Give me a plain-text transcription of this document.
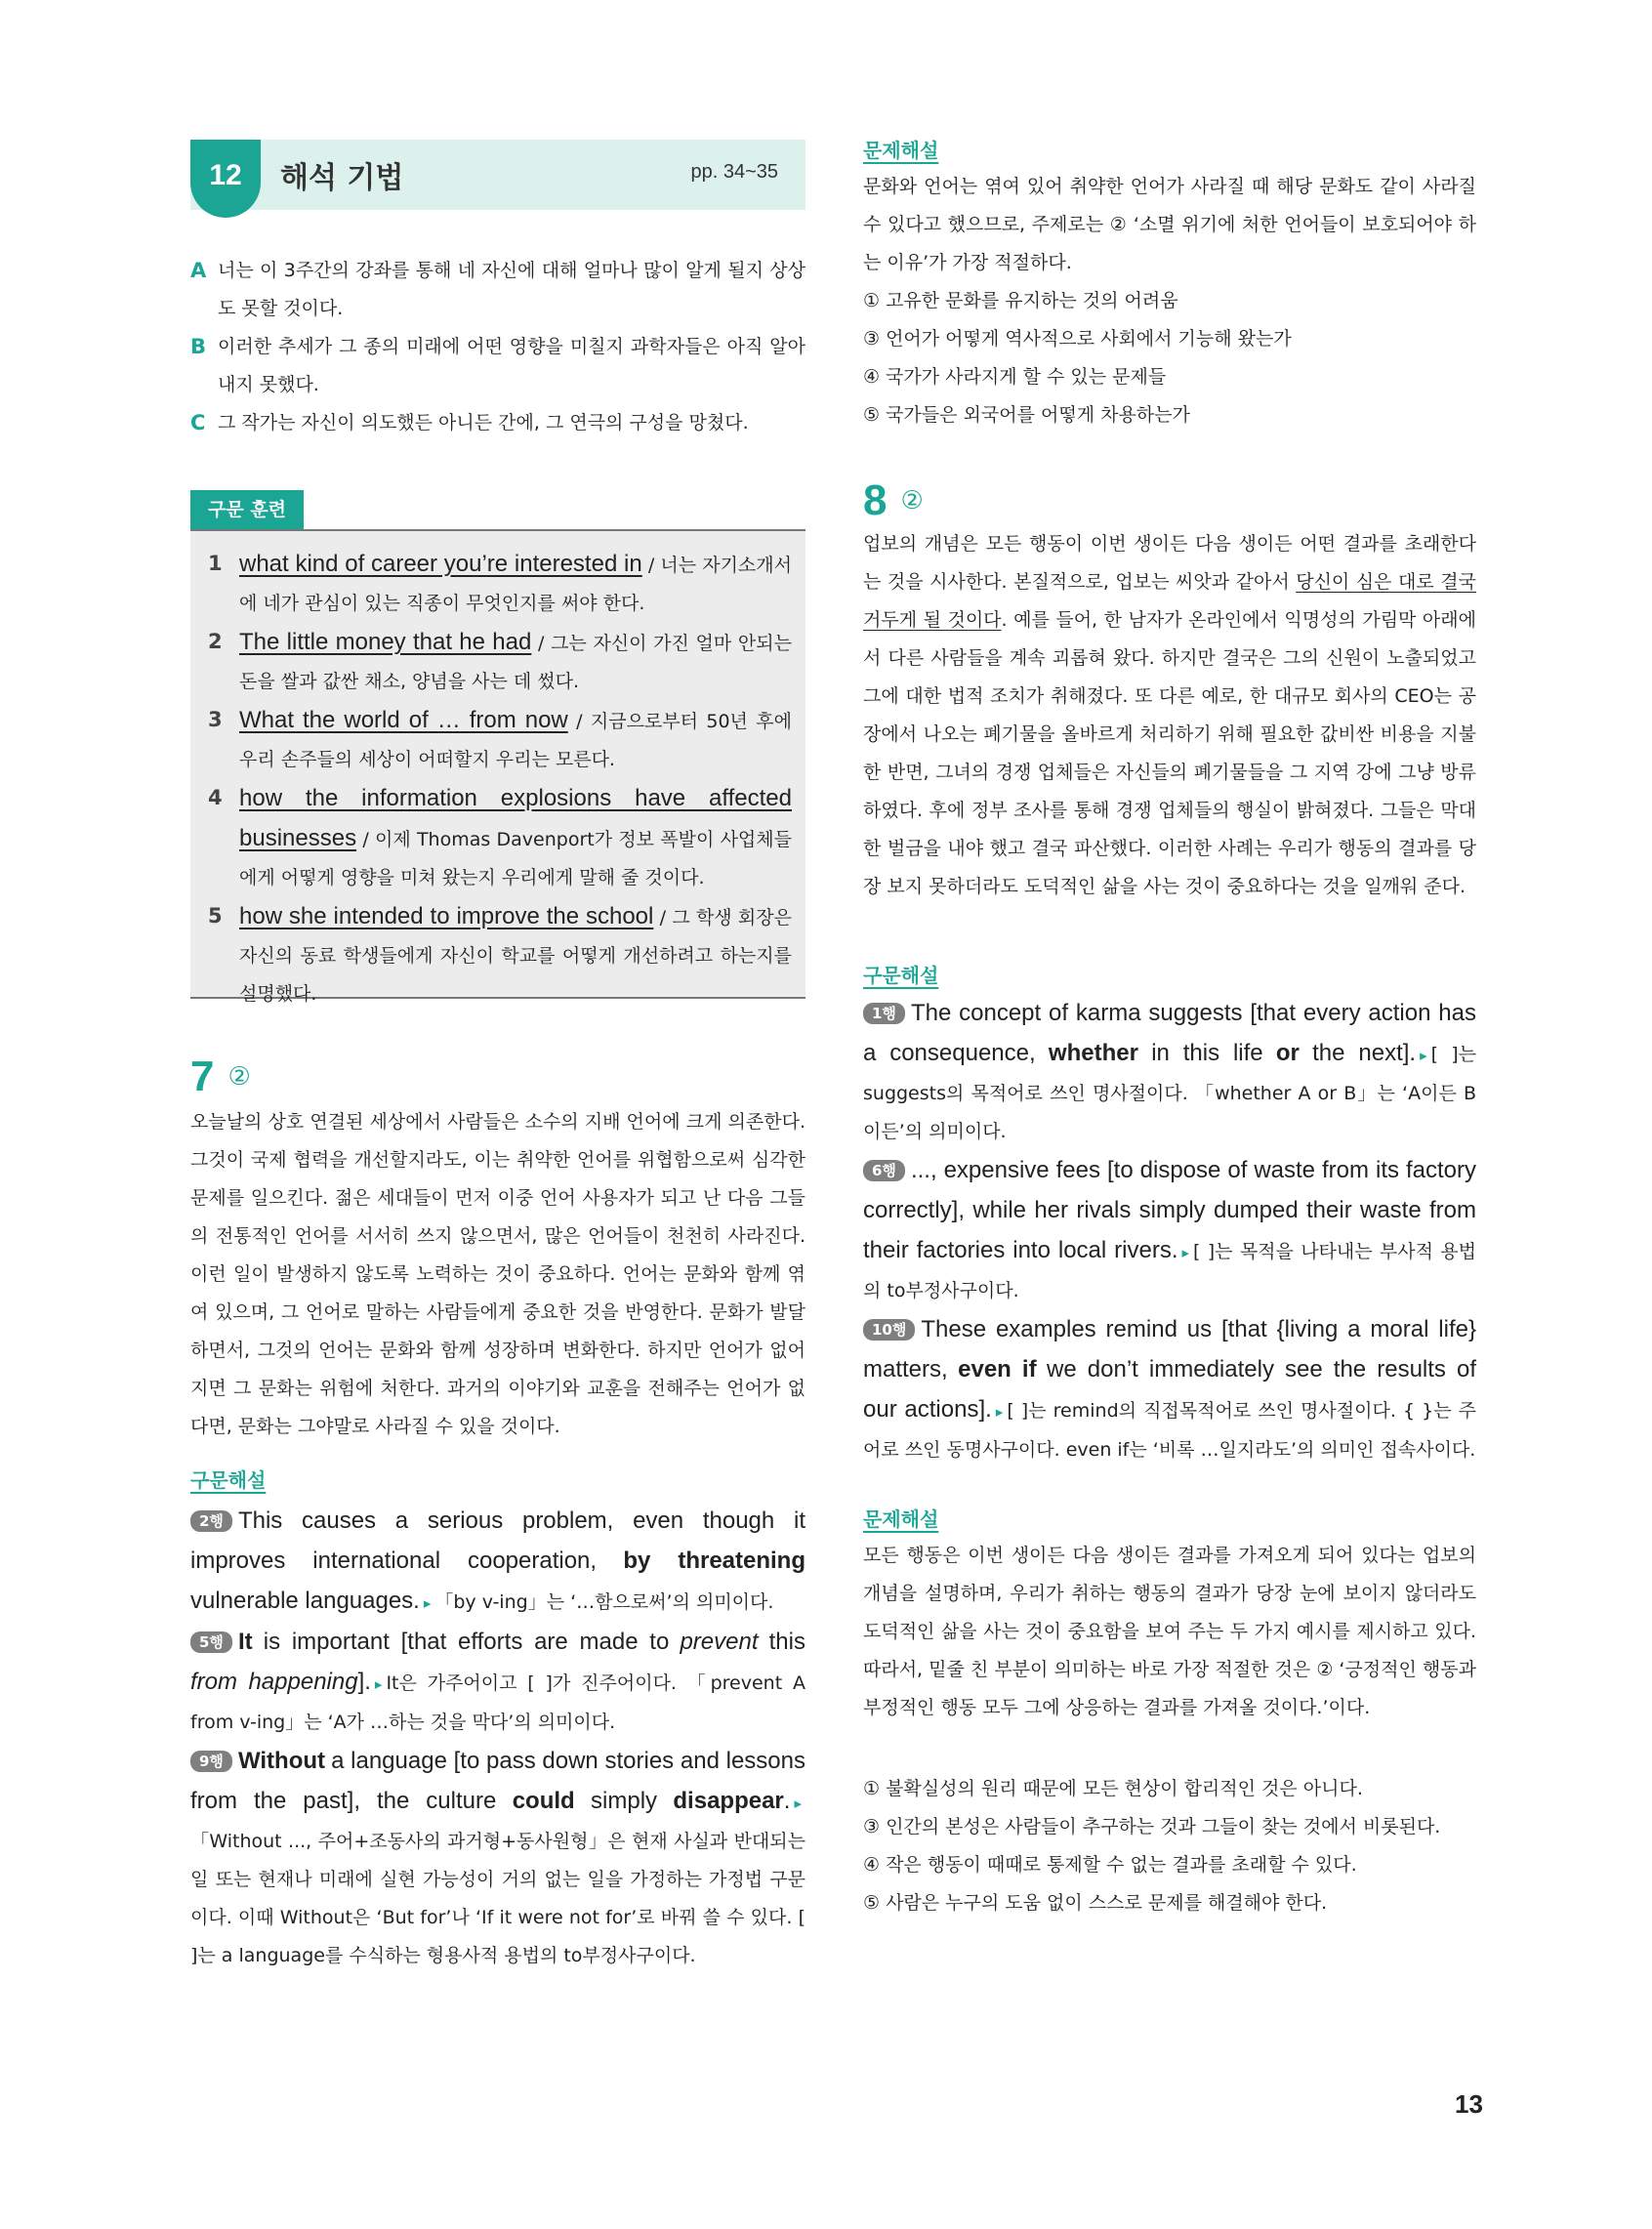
12	해석 기법	pp. 34~35
A 너는 이 3주간의 강좌를 통해 네 자신에 대해 얼마나 많이 알게 될지 상상도 못할 것이다.

B 이러한 추세가 그 종의 미래에 어떤 영향을 미칠지 과학자들은 아직 알아내지 못했다.

C 그 작가는 자신이 의도했든 아니든 간에, 그 연극의 구성을 망쳤다.

구문 훈련
1 what kind of career you’re interested in / 너는 자기소개서에 네가 관심이 있는 직종이 무엇인지를 써야 한다.
2 The little money that he had / 그는 자신이 가진 얼마 안되는 돈을 쌀과 값싼 채소, 양념을 사는 데 썼다.
3 What the world of … from now / 지금으로부터 50년 후에 우리 손주들의 세상이 어떠할지 우리는 모른다.
4 how the information explosions have affected businesses / 이제 Thomas Davenport가 정보 폭발이 사업체들에게 어떻게 영향을 미쳐 왔는지 우리에게 말해 줄 것이다.
5 how she intended to improve the school / 그 학생 회장은 자신의 동료 학생들에게 자신이 학교를 어떻게 개선하려고 하는지를 설명했다.
7 ②

오늘날의 상호 연결된 세상에서 사람들은 소수의 지배 언어에 크게 의존한다. 그것이 국제 협력을 개선할지라도, 이는 취약한 언어를 위협함으로써 심각한 문제를 일으킨다. 젊은 세대들이 먼저 이중 언어 사용자가 되고 난 다음 그들의 전통적인 언어를 서서히 쓰지 않으면서, 많은 언어들이 천천히 사라진다. 이런 일이 발생하지 않도록 노력하는 것이 중요하다. 언어는 문화와 함께 엮여 있으며, 그 언어로 말하는 사람들에게 중요한 것을 반영한다. 문화가 발달하면서, 그것의 언어는 문화와 함께 성장하며 변화한다. 하지만 언어가 없어지면 그 문화는 위험에 처한다. 과거의 이야기와 교훈을 전해주는 언어가 없다면, 문화는 그야말로 사라질 수 있을 것이다.

구문해설

2행 This causes a serious problem, even though it improves international cooperation, by threatening vulnerable languages. ▸ 「by v-ing」는 ‘…함으로써’의 의미이다.

5행 It is important [that efforts are made to prevent this from happening]. ▸ It은 가주어이고 [ ]가 진주어이다. 「prevent A from v-ing」는 ‘A가 …하는 것을 막다’의 의미이다.

9행 Without a language [to pass down stories and lessons from the past], the culture could simply disappear. ▸「Without ..., 주어+조동사의 과거형+동사원형」은 현재 사실과 반대되는 일 또는 현재나 미래에 실현 가능성이 거의 없는 일을 가정하는 가정법 구문이다. 이때 Without은 ‘But for’나 ‘If it were not for’로 바꿔 쓸 수 있다. [ ]는 a language를 수식하는 형용사적 용법의 to부정사구이다.

문제해설

문화와 언어는 엮여 있어 취약한 언어가 사라질 때 해당 문화도 같이 사라질 수 있다고 했으므로, 주제로는 ② ‘소멸 위기에 처한 언어들이 보호되어야 하는 이유’가 가장 적절하다.

① 고유한 문화를 유지하는 것의 어려움

③ 언어가 어떻게 역사적으로 사회에서 기능해 왔는가

④ 국가가 사라지게 할 수 있는 문제들

⑤ 국가들은 외국어를 어떻게 차용하는가

8 ②

업보의 개념은 모든 행동이 이번 생이든 다음 생이든 어떤 결과를 초래한다는 것을 시사한다. 본질적으로, 업보는 씨앗과 같아서 당신이 심은 대로 결국 거두게 될 것이다. 예를 들어, 한 남자가 온라인에서 익명성의 가림막 아래에서 다른 사람들을 계속 괴롭혀 왔다. 하지만 결국은 그의 신원이 노출되었고 그에 대한 법적 조치가 취해졌다. 또 다른 예로, 한 대규모 회사의 CEO는 공장에서 나오는 폐기물을 올바르게 처리하기 위해 필요한 값비싼 비용을 지불한 반면, 그녀의 경쟁 업체들은 자신들의 폐기물들을 그 지역 강에 그냥 방류하였다. 후에 정부 조사를 통해 경쟁 업체들의 행실이 밝혀졌다. 그들은 막대한 벌금을 내야 했고 결국 파산했다. 이러한 사례는 우리가 행동의 결과를 당장 보지 못하더라도 도덕적인 삶을 사는 것이 중요하다는 것을 일깨워 준다.

구문해설

1행 The concept of karma suggests [that every action has a consequence, whether in this life or the next]. ▸ [ ]는 suggests의 목적어로 쓰인 명사절이다. 「whether A or B」는 ‘A이든 B이든’의 의미이다.

6행 ..., expensive fees [to dispose of waste from its factory correctly], while her rivals simply dumped their waste from their factories into local rivers. ▸ [ ]는 목적을 나타내는 부사적 용법의 to부정사구이다.

10행 These examples remind us [that {living a moral life} matters, even if we don’t immediately see the results of our actions]. ▸ [ ]는 remind의 직접목적어로 쓰인 명사절이다. { }는 주어로 쓰인 동명사구이다. even if는 ‘비록 …일지라도’의 의미인 접속사이다.

문제해설

모든 행동은 이번 생이든 다음 생이든 결과를 가져오게 되어 있다는 업보의 개념을 설명하며, 우리가 취하는 행동의 결과가 당장 눈에 보이지 않더라도 도덕적인 삶을 사는 것이 중요함을 보여 주는 두 가지 예시를 제시하고 있다. 따라서, 밑줄 친 부분이 의미하는 바로 가장 적절한 것은 ② ‘긍정적인 행동과 부정적인 행동 모두 그에 상응하는 결과를 가져올 것이다.’이다.

① 불확실성의 원리 때문에 모든 현상이 합리적인 것은 아니다.

③ 인간의 본성은 사람들이 추구하는 것과 그들이 찾는 것에서 비롯된다.

④ 작은 행동이 때때로 통제할 수 없는 결과를 초래할 수 있다.

⑤ 사람은 누구의 도움 없이 스스로 문제를 해결해야 한다.

13
